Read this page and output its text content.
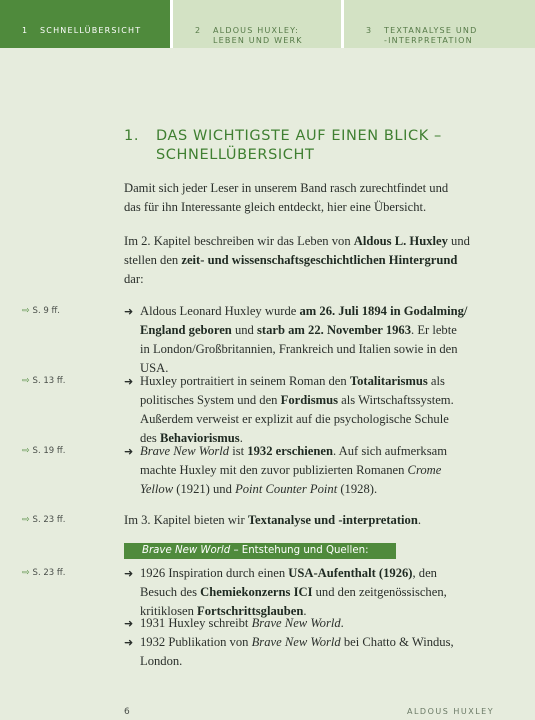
1 SCHNELLÜBERSICHT	2 ALDOUS HUXLEY:
LEBEN UND WERK
3 TEXTANALYSE UND
-INTERPRETATION
1. DAS WICHTIGSTE AUF EINEN BLICK –
SCHNELLÜBERSICHT
Damit sich jeder Leser in unserem Band rasch zurechtfindet und
das für ihn Interessante gleich entdeckt, hier eine Übersicht.
Im 2. Kapitel beschreiben wir das Leben von Aldous L. Huxley und
stellen den zeit- und wissenschaftsgeschichtlichen Hintergrund
dar:
⇨ S. 9 ff.
⇨ S. 13 ff.
⇨ S. 19 ff.
⇨ S. 23 ff.
⇨ S. 23 ff.
➜ Aldous Leonard Huxley wurde am 26. Juli 1894 in Godalming/
England geboren und starb am 22. November 1963. Er lebte
in London/Großbritannien, Frankreich und Italien sowie in den
USA.
➜ Huxley portraitiert in seinem Roman den Totalitarismus als
politisches System und den Fordismus als Wirtschaftssystem.
Außerdem verweist er explizit auf die psychologische Schule
des Behaviorismus.
➜ Brave New World ist 1932 erschienen. Auf sich aufmerksam
machte Huxley mit den zuvor publizierten Romanen Crome
Yellow (1921) und Point Counter Point (1928).
Im 3. Kapitel bieten wir Textanalyse und -interpretation.
Brave New World – Entstehung und Quellen:
➜ 1926 Inspiration durch einen USA-Aufenthalt (1926), den
Besuch des Chemiekonzerns ICI und den zeitgenössischen,
kritiklosen Fortschrittsglauben.
➜ 1931 Huxley schreibt Brave New World.
➜ 1932 Publikation von Brave New World bei Chatto & Windus,
London.
6	ALDOUS HUXLEY
